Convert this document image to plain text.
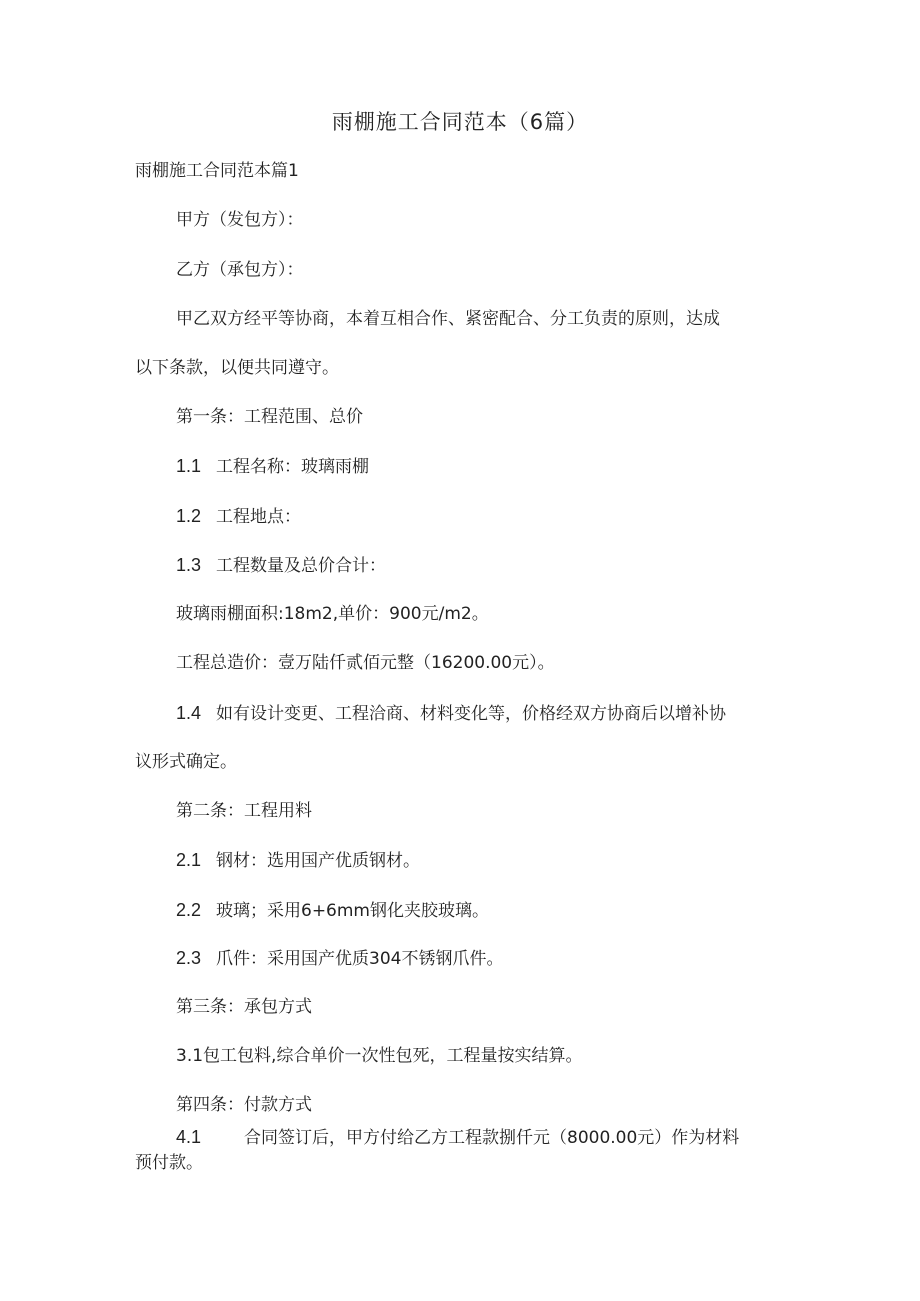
雨棚施工合同范本（6篇）
雨棚施工合同范本篇1
甲方（发包方）：
乙方（承包方）：
甲乙双方经平等协商，本着互相合作、紧密配合、分工负责的原则，达成
以下条款，以便共同遵守。
第一条：工程范围、总价
1.1 工程名称：玻璃雨棚
1.2 工程地点：
1.3 工程数量及总价合计：
玻璃雨棚面积:18m2,单价：900元/m2。
工程总造价：壹万陆仟贰佰元整（16200.00元）。
1.4 如有设计变更、工程洽商、材料变化等，价格经双方协商后以增补协
议形式确定。
第二条：工程用料
2.1 钢材：选用国产优质钢材。
2.2 玻璃；采用6+6mm钢化夹胶玻璃。
2.3 爪件：采用国产优质304不锈钢爪件。
第三条：承包方式
3.1包工包料,综合单价一次性包死，工程量按实结算。
第四条：付款方式
4.1	合同签订后，甲方付给乙方工程款捌仟元（8000.00元）作为材料
预付款。
